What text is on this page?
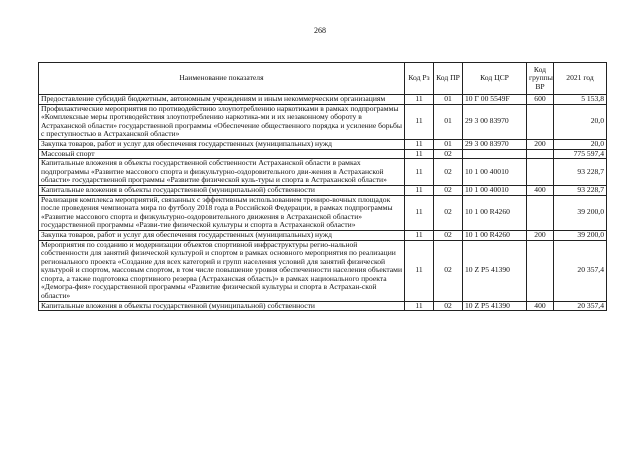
268
Наименование показателя	Код Рз	Код ПР	Код ЦСР	Код группы ВР	2021 год
Предоставление субсидий бюджетным, автономным учреждениям и иным некоммерческим организациям	11	01	10 Г 00 5549F	600	5 153,8
Профилактические мероприятия по противодействию злоупотреблению наркотиками в рамках подпрограммы «Комплексные меры противодействия злоупотреблению наркотика-ми и их незаконному обороту в Астраханской области» государственной программы «Обеспечение общественного порядка и усиление борьбы с преступностью в Астраханской области»	11	01	29 3 00 83970		20,0
Закупка товаров, работ и услуг для обеспечения государственных (муниципальных) нужд	11	01	29 3 00 83970	200	20,0
Массовый спорт	11	02			775 597,4
Капитальные вложения в объекты государственной собственности Астраханской области в рамках подпрограммы «Развитие массового спорта и физкультурно-оздоровительного дви-жения в Астраханской области» государственной программы «Развитие физической куль-туры и спорта в Астраханской области»	11	02	10 1 00 40010		93 228,7
Капитальные вложения в объекты государственной (муниципальной) собственности	11	02	10 1 00 40010	400	93 228,7
Реализация комплекса мероприятий, связанных с эффективным использованием трениро-вочных площадок после проведения чемпионата мира по футболу 2018 года в Российской Федерации, в рамках подпрограммы «Развитие массового спорта и физкультурно-оздоровительного движения в Астраханской области» государственной программы «Разви-тие физической культуры и спорта в Астраханской области»	11	02	10 1 00 R4260		39 200,0
Закупка товаров, работ и услуг для обеспечения государственных (муниципальных) нужд	11	02	10 1 00 R4260	200	39 200,0
Мероприятия по созданию и модернизации объектов спортивной инфраструктуры регио-нальной собственности для занятий физической культурой и спортом в рамках основного мероприятия по реализации регионального проекта «Создание для всех категорий и групп населения условий для занятий физической культурой и спортом, массовым спортом, в том числе повышение уровня обеспеченности населения объектами спорта, а также подготовка спортивного резерва (Астраханская область)» в рамках национального проекта «Демогра-фия» государственной программы «Развитие физической культуры и спорта в Астрахан-ской области»	11	02	10 Z P5 41390		20 357,4
Капитальные вложения в объекты государственной (муниципальной) собственности	11	02	10 Z P5 41390	400	20 357,4
